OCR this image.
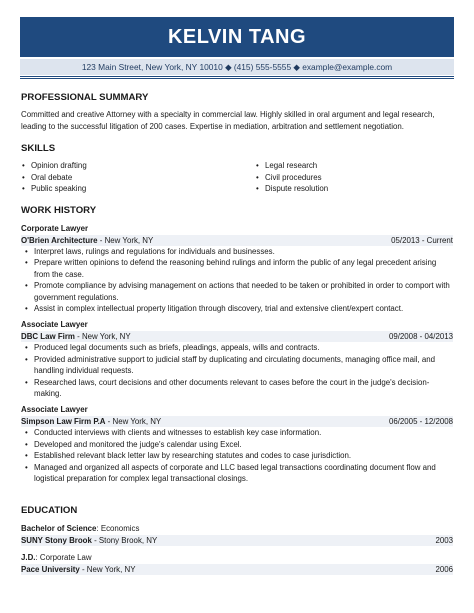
KELVIN TANG
123 Main Street, New York, NY 10010 ◆ (415) 555-5555 ◆ example@example.com

PROFESSIONAL SUMMARY

Committed and creative Attorney with a specialty in commercial law. Highly skilled in oral argument and legal research, leading to the successful litigation of 200 cases. Expertise in mediation, arbitration and settlement negotiation.

SKILLS

• Opinion drafting
• Oral debate
• Public speaking
• Legal research
• Civil procedures
• Dispute resolution

WORK HISTORY

Corporate Lawyer

O'Brien Architecture - New York, NY	05/2013 - Current
• Interpret laws, rulings and regulations for individuals and businesses.
• Prepare written opinions to defend the reasoning behind rulings and inform the public of any legal precedent arising from the case.
• Promote compliance by advising management on actions that needed to be taken or prohibited in order to comport with government regulations.
• Assist in complex intellectual property litigation through discovery, trial and extensive client/expert contact.

Associate Lawyer

DBC Law Firm - New York, NY	09/2008 - 04/2013
• Produced legal documents such as briefs, pleadings, appeals, wills and contracts.
• Provided administrative support to judicial staff by duplicating and circulating documents, managing office mail, and handling individual requests.
• Researched laws, court decisions and other documents relevant to cases before the court in the judge's decision-making.

Associate Lawyer

Simpson Law Firm P.A - New York, NY	06/2005 - 12/2008
• Conducted interviews with clients and witnesses to establish key case information.
• Developed and monitored the judge's calendar using Excel.
• Established relevant black letter law by researching statutes and codes to case jurisdiction.
• Managed and organized all aspects of corporate and LLC based legal transactions coordinating document flow and logistical preparation for complex legal transactional closings.

EDUCATION

Bachelor of Science: Economics
SUNY Stony Brook - Stony Brook, NY	2003
J.D.: Corporate Law
Pace University - New York, NY	2006
